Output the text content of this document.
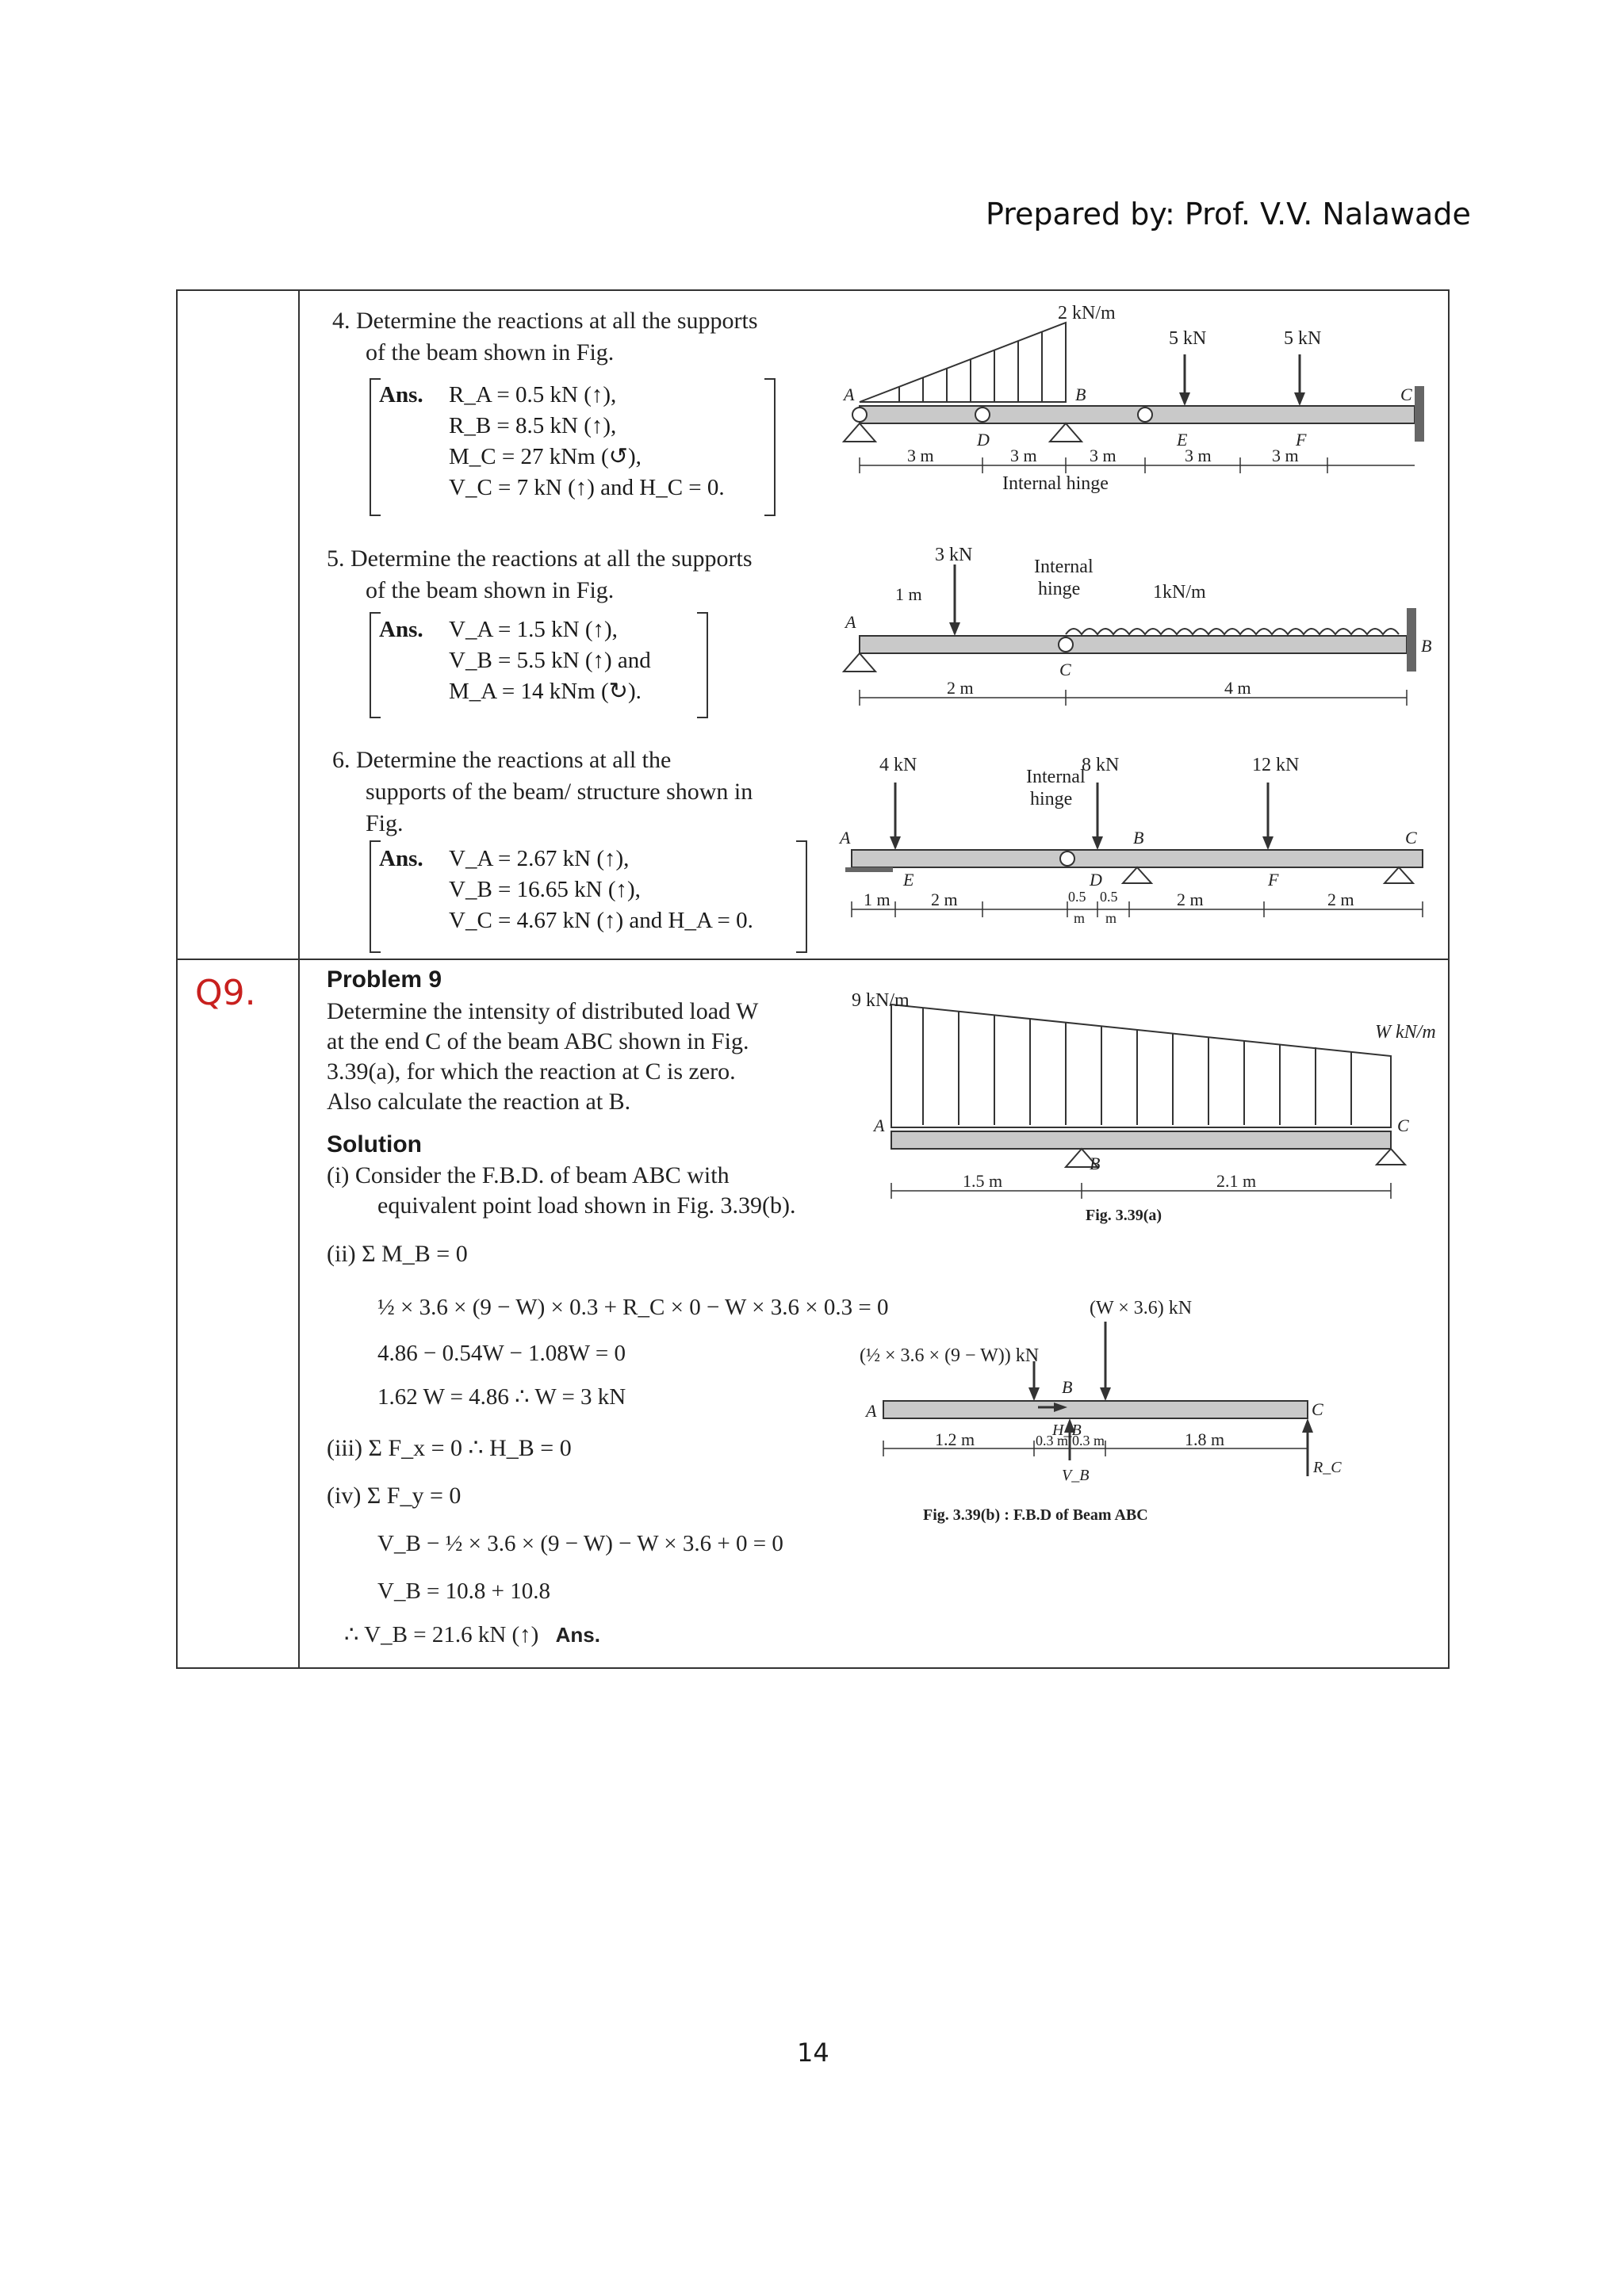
Prepared by: Prof. V.V. Nalawade
Q9.
4. Determine the reactions at all the supports
of the beam shown in Fig.
Ans. R_A = 0.5 kN (↑),
R_B = 8.5 kN (↑),
M_C = 27 kNm (↺),
V_C = 7 kN (↑) and H_C = 0.
2 kN/m
5 kN	5 kN
A	B	C
D	E	F
3 m	3 m	3 m	3 m	3 m
Internal hinge
5. Determine the reactions at all the supports
of the beam shown in Fig.
Ans. V_A = 1.5 kN (↑),
V_B = 5.5 kN (↑) and
M_A = 14 kNm (↻).
3 kN
1 m
Internal
hinge	1kN/m
A
B
C
2 m	4 m
6. Determine the reactions at all the
supports of the beam/ structure shown in
Fig.
Ans. V_A = 2.67 kN (↑),
V_B = 16.65 kN (↑),
V_C = 4.67 kN (↑) and H_A = 0.
4 kN
Internal
hinge
8 kN	12 kN
A	B	C
D
E	F
1 m 2 m	0.5 0.5
m m
2 m	2 m
Problem 9
Determine the intensity of distributed load W
at the end C of the beam ABC shown in Fig.
3.39(a), for which the reaction at C is zero.
Also calculate the reaction at B.
Solution
(i) Consider the F.B.D. of beam ABC with
equivalent point load shown in Fig. 3.39(b).
(ii) Σ M_B = 0
½ × 3.6 × (9 − W) × 0.3 + R_C × 0 − W × 3.6 × 0.3 = 0
4.86 − 0.54W − 1.08W = 0
1.62 W = 4.86 ∴ W = 3 kN
(iii) Σ F_x = 0 ∴ H_B = 0
(iv) Σ F_y = 0
V_B − ½ × 3.6 × (9 − W) − W × 3.6 + 0 = 0
V_B = 10.8 + 10.8
∴ V_B = 21.6 kN (↑) Ans.
9 kN/m
W kN/m
A
B
C
1.5 m	2.1 m
Fig. 3.39(a)
(½ × 3.6 × (9 − W)) kN
(W × 3.6) kN
A
B
C
H_B
1.2 m	0.3 m 0.3 m	1.8 m
V_B	R_C
Fig. 3.39(b) : F.B.D of Beam ABC
14
